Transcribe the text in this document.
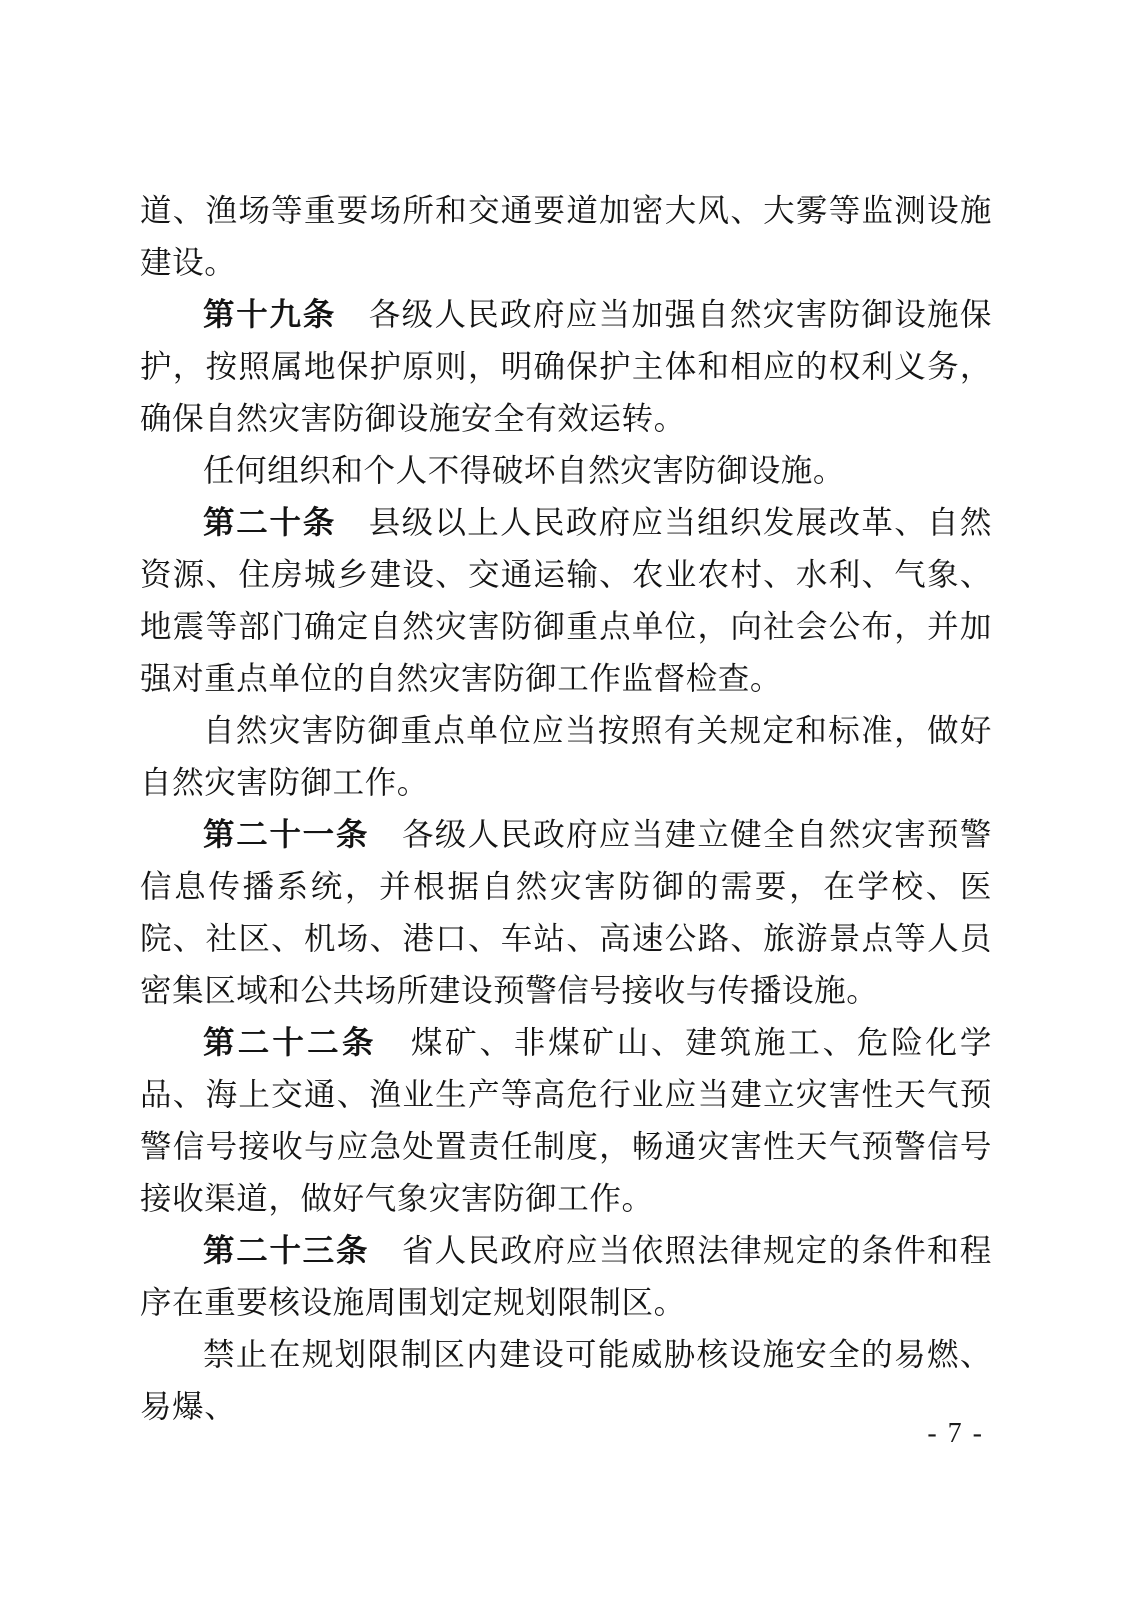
道、渔场等重要场所和交通要道加密大风、大雾等监测设施建设。

第十九条　 各级人民政府应当加强自然灾害防御设施保护，按照属地保护原则，明确保护主体和相应的权利义务，确保自然灾害防御设施安全有效运转。

任何组织和个人不得破坏自然灾害防御设施。

第二十条　 县级以上人民政府应当组织发展改革、自然资源、住房城乡建设、交通运输、农业农村、水利、气象、地震等部门确定自然灾害防御重点单位，向社会公布，并加强对重点单位的自然灾害防御工作监督检查。

自然灾害防御重点单位应当按照有关规定和标准，做好自然灾害防御工作。

第二十一条　 各级人民政府应当建立健全自然灾害预警信息传播系统，并根据自然灾害防御的需要，在学校、医院、社区、机场、港口、车站、高速公路、旅游景点等人员密集区域和公共场所建设预警信号接收与传播设施。

第二十二条　 煤矿、非煤矿山、建筑施工、危险化学品、海上交通、渔业生产等高危行业应当建立灾害性天气预警信号接收与应急处置责任制度，畅通灾害性天气预警信号接收渠道，做好气象灾害防御工作。

第二十三条　 省人民政府应当依照法律规定的条件和程序在重要核设施周围划定规划限制区。

禁止在规划限制区内建设可能威胁核设施安全的易燃、易爆、

- 7 -
